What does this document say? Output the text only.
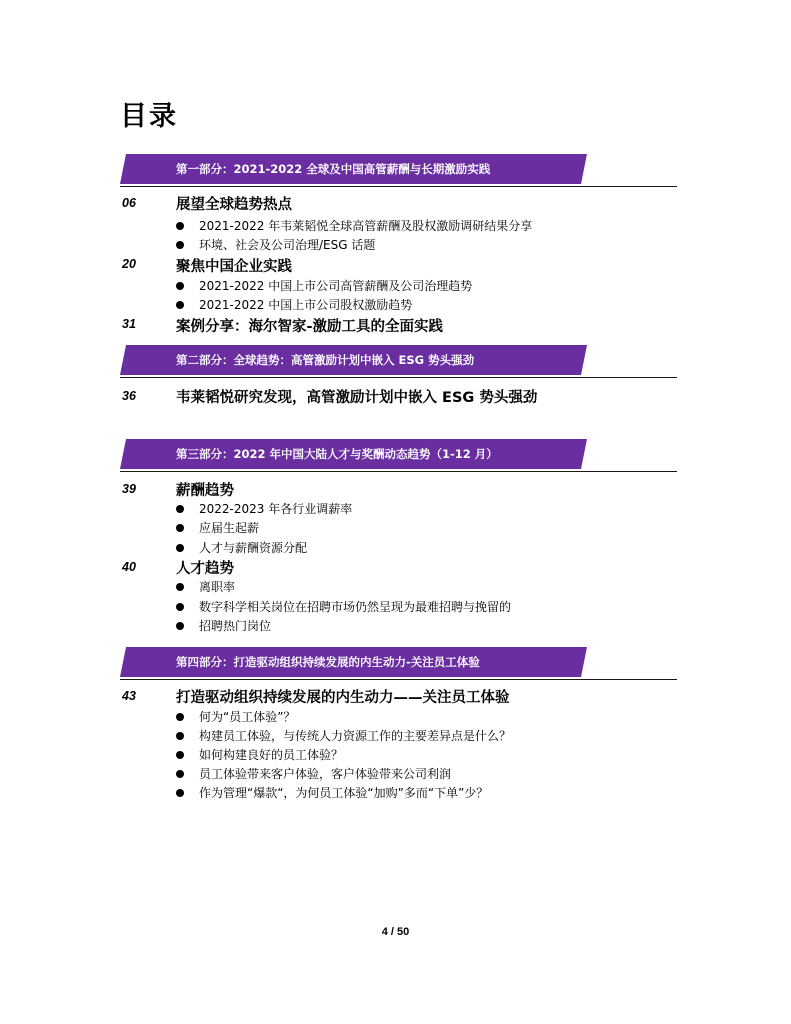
目录
第一部分：2021-2022 全球及中国高管薪酬与长期激励实践
06	展望全球趋势热点
2021-2022 年韦莱韬悦全球高管薪酬及股权激励调研结果分享
环境、社会及公司治理/ESG 话题
20	聚焦中国企业实践
2021-2022 中国上市公司高管薪酬及公司治理趋势
2021-2022 中国上市公司股权激励趋势
31	案例分享：海尔智家-激励工具的全面实践
第二部分：全球趋势：高管激励计划中嵌入 ESG 势头强劲
36	韦莱韬悦研究发现，高管激励计划中嵌入 ESG 势头强劲
第三部分：2022 年中国大陆人才与奖酬动态趋势（1-12 月）
39	薪酬趋势
2022-2023 年各行业调薪率
应届生起薪
人才与薪酬资源分配
40	人才趋势
离职率
数字科学相关岗位在招聘市场仍然呈现为最难招聘与挽留的
招聘热门岗位
第四部分：打造驱动组织持续发展的内生动力-关注员工体验
43	打造驱动组织持续发展的内生动力——关注员工体验
何为“员工体验”？
构建员工体验，与传统人力资源工作的主要差异点是什么？
如何构建良好的员工体验？
员工体验带来客户体验，客户体验带来公司利润
作为管理“爆款“，为何员工体验“加购”多而“下单”少？
4 / 50
